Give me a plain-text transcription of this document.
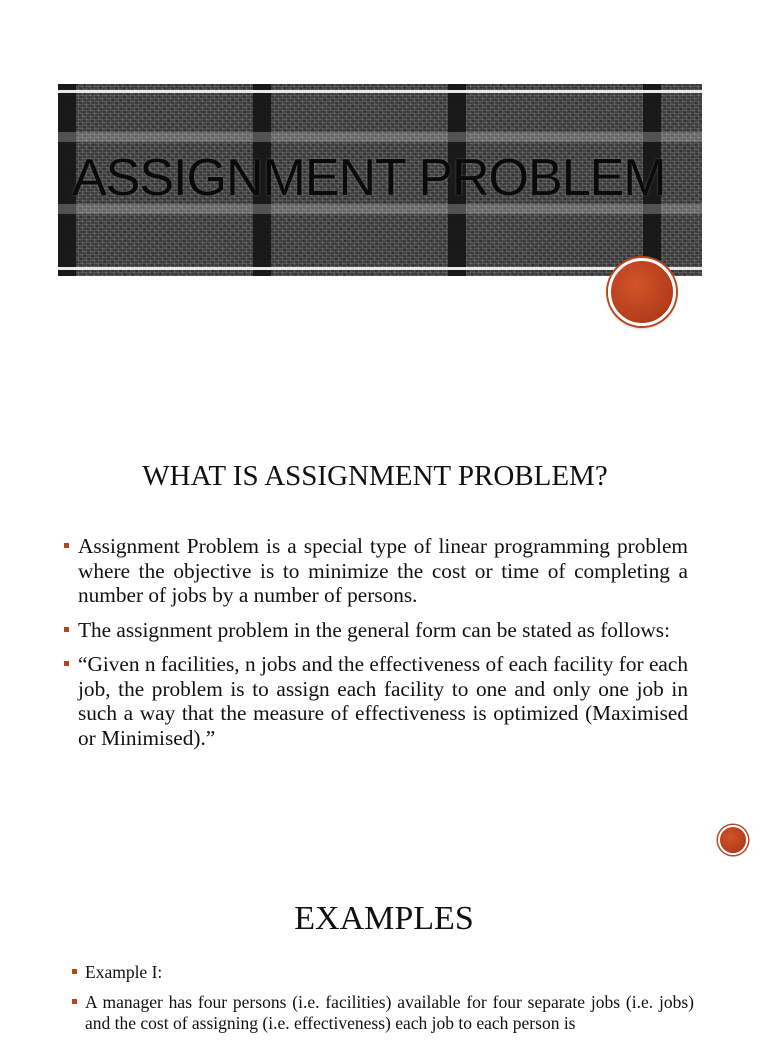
ASSIGNMENT PROBLEM
WHAT IS ASSIGNMENT PROBLEM?
Assignment Problem is a special type of linear programming problem where the objective is to minimize the cost or time of completing a number of jobs by a number of persons.
The assignment problem in the general form can be stated as follows:
“Given n facilities, n jobs and the effectiveness of each facility for each job, the problem is to assign each facility to one and only one job in such a way that the measure of effectiveness is optimized (Maximised or Minimised).”
EXAMPLES
Example I:
A manager has four persons (i.e. facilities) available for four separate jobs (i.e. jobs) and the cost of assigning (i.e. effectiveness) each job to each person is
